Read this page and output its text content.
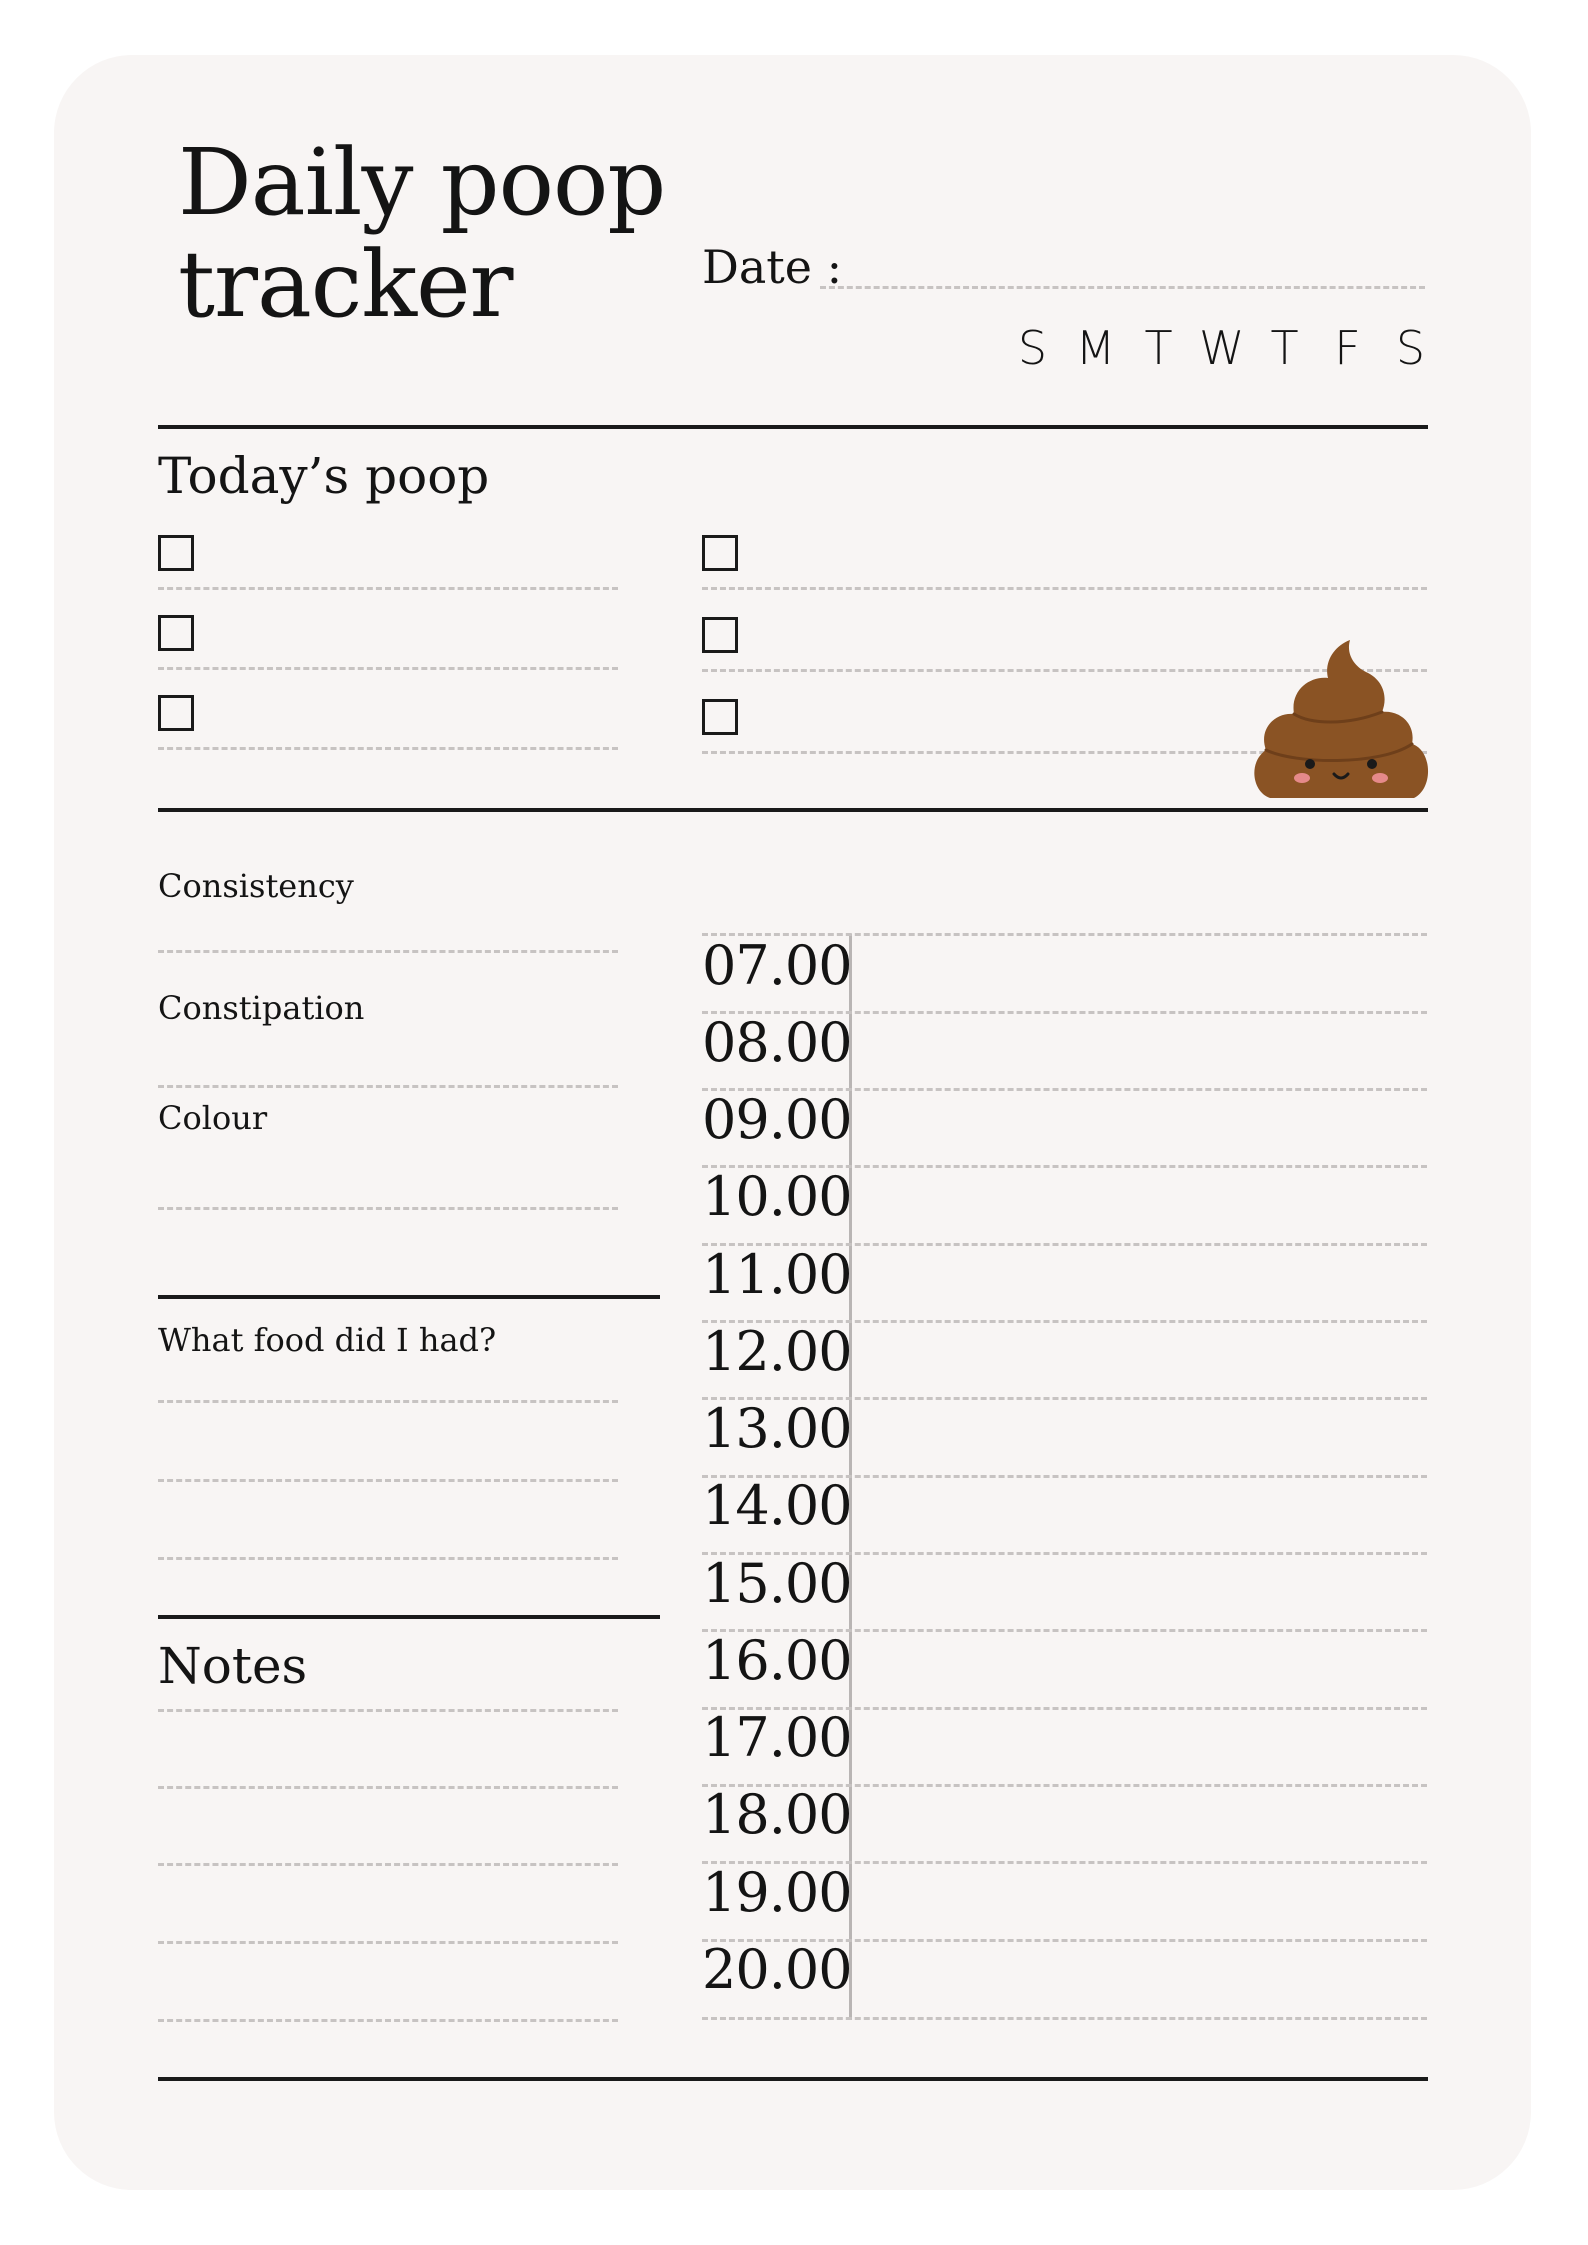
Daily poop
tracker	Date :
S M T W T F S
Today’s poop
Consistency
Constipation
Colour
What food did I had?
Notes
07.00
08.00
09.00
10.00
11.00
12.00
13.00
14.00
15.00
16.00
17.00
18.00
19.00
20.00
